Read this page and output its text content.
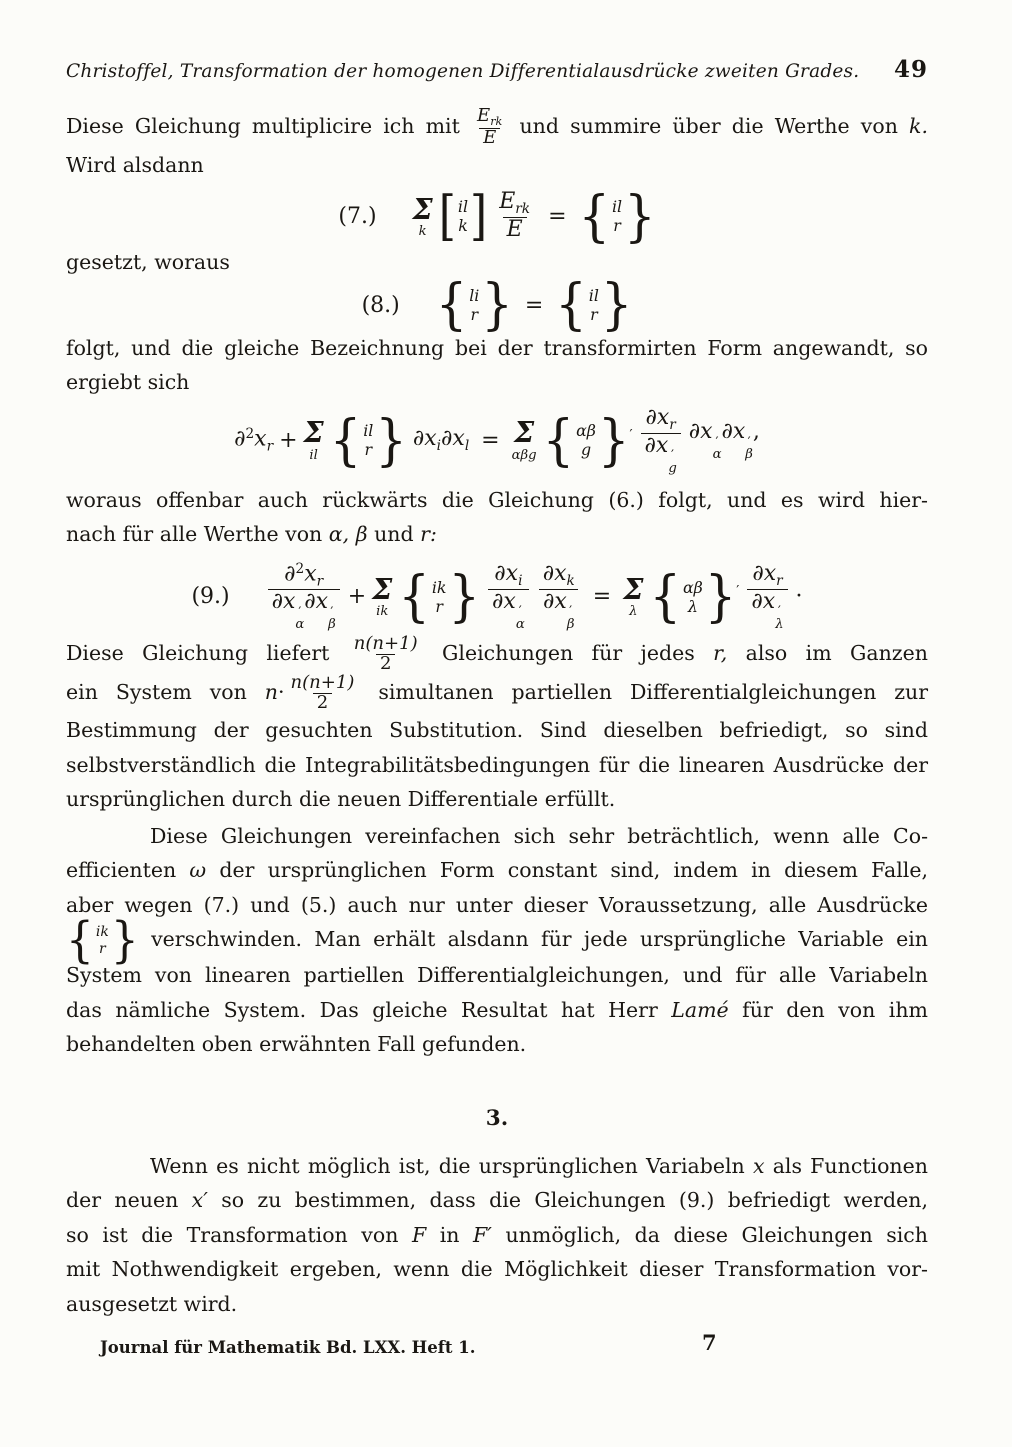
Christoffel, Transformation der homogenen Differentialausdrücke zweiten Grades. 49
Diese Gleichung multiplicire ich mit $\frac{E_{rk}}{E}$ und summire über die Werthe von k.
Wird alsdann
(7.) Σ
k [ il
k ] $\frac{E_{rk}}{E}$ = { il
r }
gesetzt, woraus
(8.) { li
r } = { il
r }
folgt, und die gleiche Bezeichnung bei der transformirten Form angewandt, so
ergiebt sich
$\partial^2x_r + \Sigma$
il { il
r } $\partial x_i\partial x_l = \Sigma$
αβg { αβ
g } ′ $\partial x_r$
∂x ′
g ∂x ′
α
∂x ′
β
,
woraus offenbar auch rückwärts die Gleichung (6.) folgt, und es wird hier-
nach für alle Werthe von α, β und r:
(9.) $\partial^2x_r$
∂x ′
α
∂x ′
β + Σ
ik { ik
r } $\partial x_i$
∂x ′
α $\partial x_k$
∂x ′
β = Σ
λ { αβ
λ } ′ $\partial x_r$
∂x ′
λ ·
Diese Gleichung liefert $\frac{n(n+1)}{2}$ Gleichungen für jedes r, also im Ganzen
ein System von $n\cdot \frac{n(n+1)}{2}$ simultanen partiellen Differentialgleichungen zur
Bestimmung der gesuchten Substitution. Sind dieselben befriedigt, so sind
selbstverständlich die Integrabilitätsbedingungen für die linearen Ausdrücke der
ursprünglichen durch die neuen Differentiale erfüllt.
Diese Gleichungen vereinfachen sich sehr beträchtlich, wenn alle Co-
efficienten ω der ursprünglichen Form constant sind, indem in diesem Falle,
aber wegen (7.) und (5.) auch nur unter dieser Voraussetzung, alle Ausdrücke
{ ik
r } verschwinden. Man erhält alsdann für jede ursprüngliche Variable ein
System von linearen partiellen Differentialgleichungen, und für alle Variabeln
das nämliche System. Das gleiche Resultat hat Herr Lamé für den von ihm
behandelten oben erwähnten Fall gefunden.
3.
Wenn es nicht möglich ist, die ursprünglichen Variabeln x als Functionen
der neuen x′ so zu bestimmen, dass die Gleichungen (9.) befriedigt werden,
so ist die Transformation von F in F′ unmöglich, da diese Gleichungen sich
mit Nothwendigkeit ergeben, wenn die Möglichkeit dieser Transformation vor-
ausgesetzt wird.
Journal für Mathematik Bd. LXX. Heft 1.	7
